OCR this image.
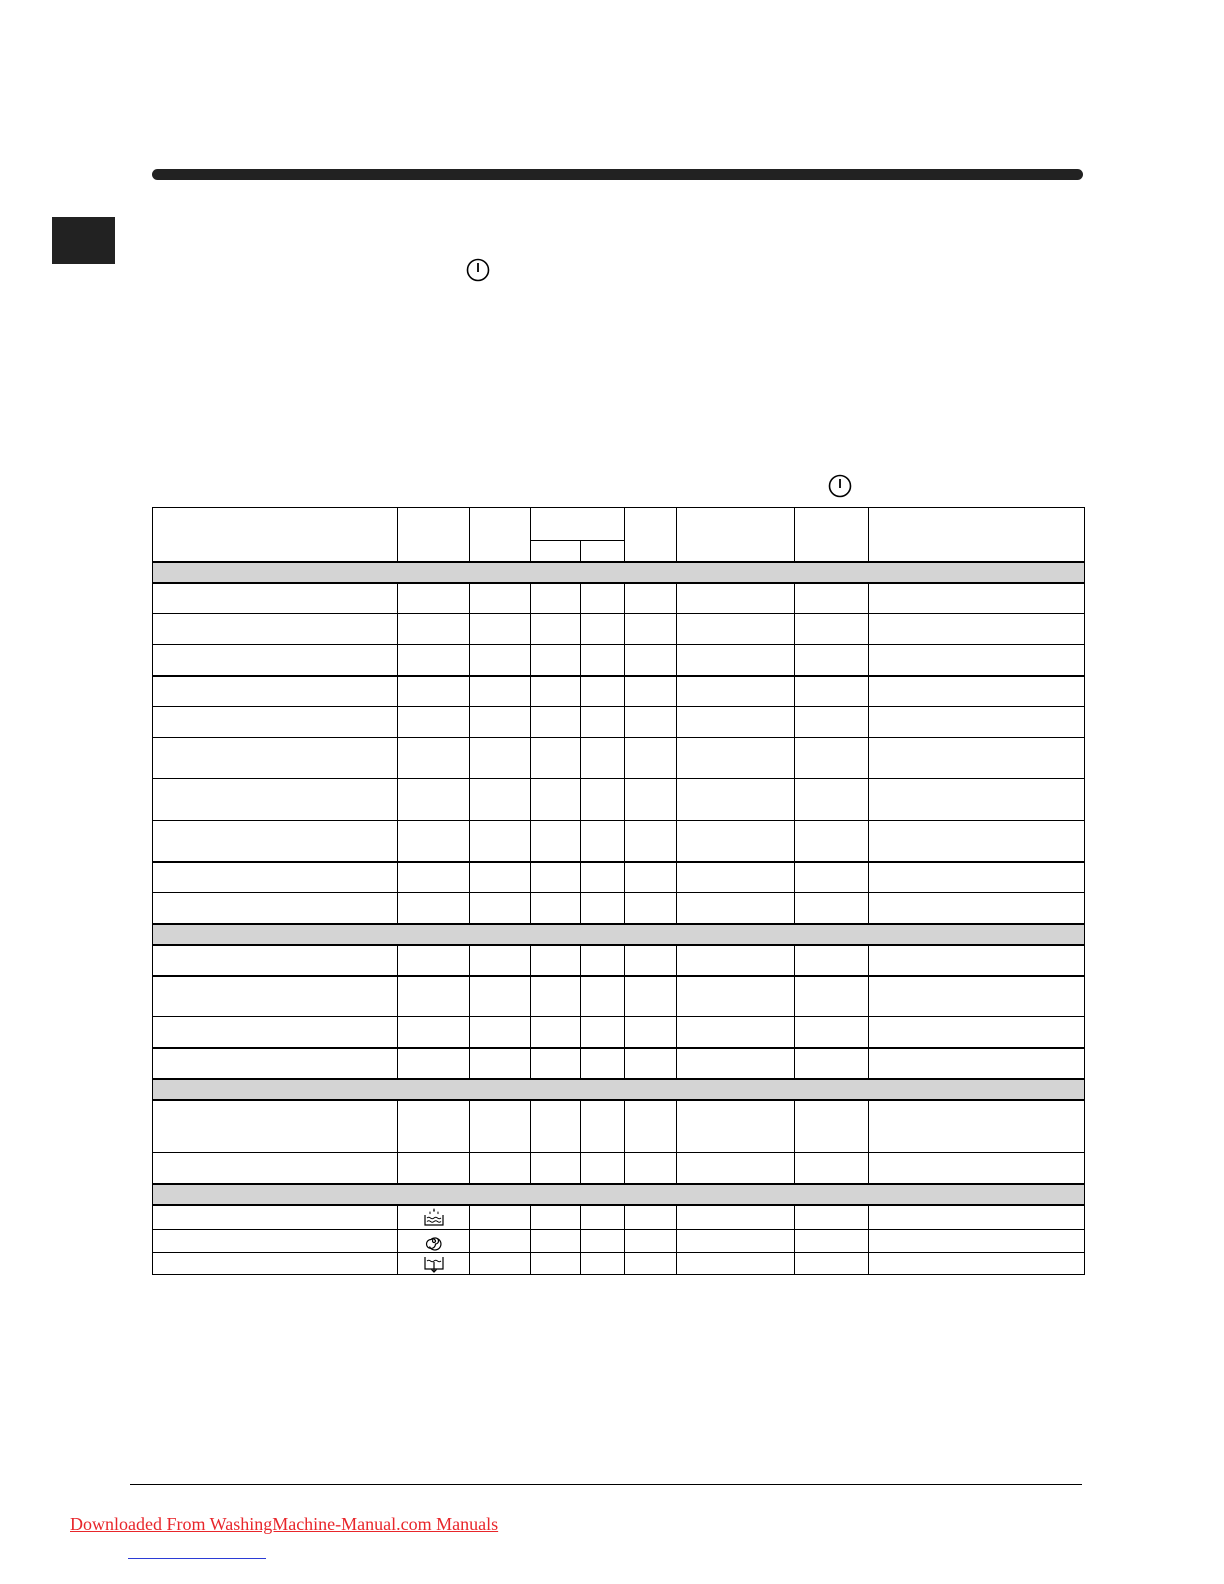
Downloaded From WashingMachine-Manual.com Manuals
